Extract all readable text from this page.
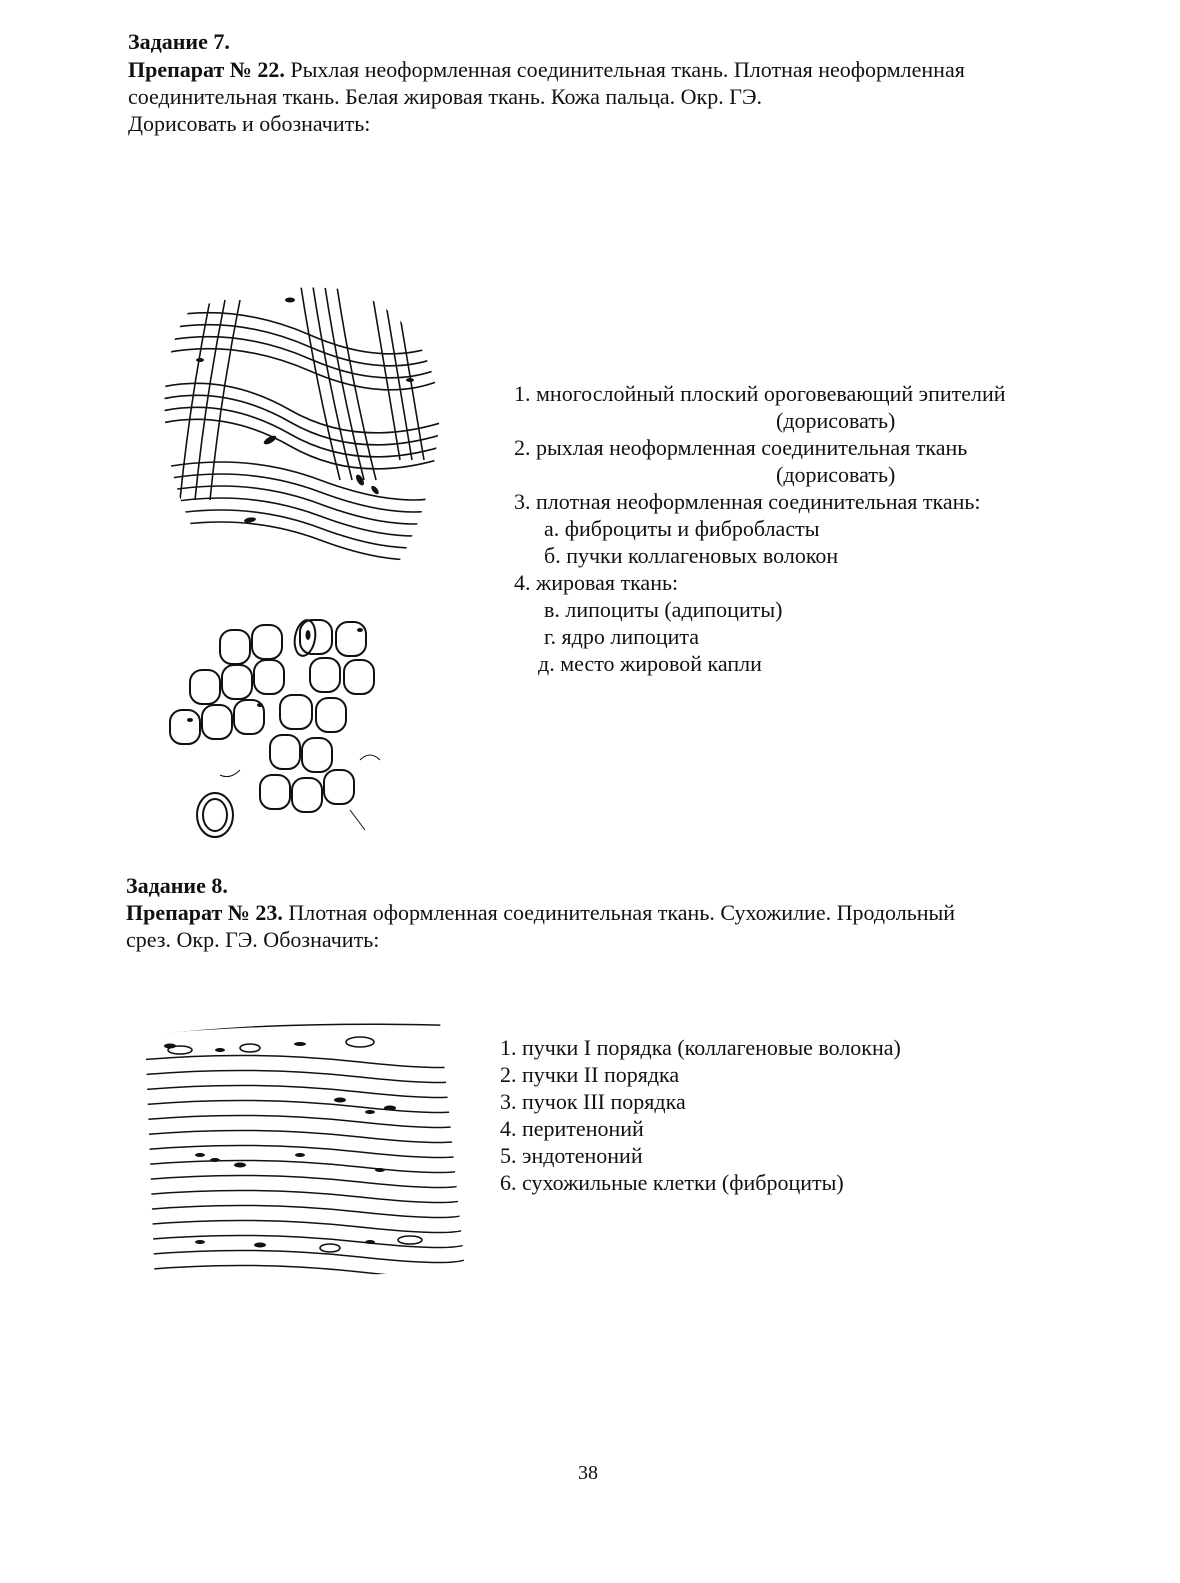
Задание 7.
Препарат № 22. Рыхлая неоформленная соединительная ткань. Плотная неоформленная
соединительная ткань. Белая жировая ткань. Кожа пальца. Окр. ГЭ.
Дорисовать и обозначить:
1. многослойный плоский ороговевающий эпителий
(дорисовать)
2. рыхлая неоформленная соединительная ткань
(дорисовать)
3. плотная неоформленная соединительная ткань:
а. фиброциты и фибробласты
б. пучки коллагеновых волокон
4. жировая ткань:
в. липоциты (адипоциты)
г. ядро липоцита
д. место жировой капли
Задание 8.
Препарат № 23. Плотная оформленная соединительная ткань. Сухожилие. Продольный
срез. Окр. ГЭ. Обозначить:
1. пучки I порядка (коллагеновые волокна)
2. пучки II порядка
3. пучок III порядка
4. перитеноний
5. эндотеноний
6. сухожильные клетки (фиброциты)
38
